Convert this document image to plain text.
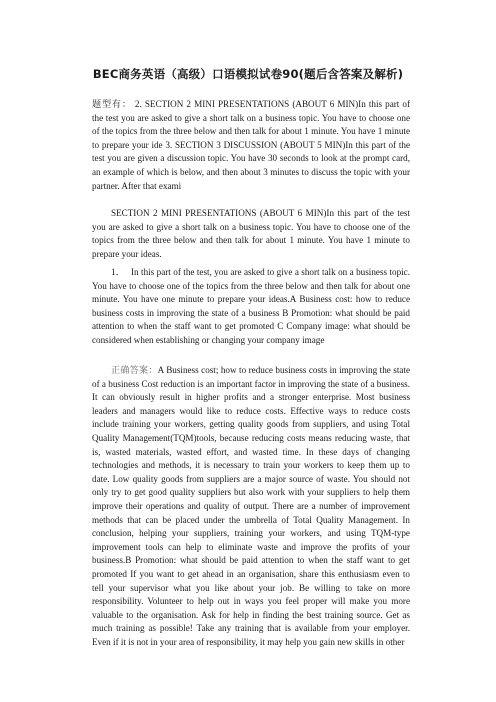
BEC商务英语（高级）口语模拟试卷90(题后含答案及解析)
题型有： 2. SECTION 2 MINI PRESENTATIONS (ABOUT 6 MIN)In this part of the test you are asked to give a short talk on a business topic. You have to choose one of the topics from the three below and then talk for about 1 minute. You have 1 minute to prepare your ide 3. SECTION 3 DISCUSSION (ABOUT 5 MIN)In this part of the test you are given a discussion topic. You have 30 seconds to look at the prompt card, an example of which is below, and then about 3 minutes to discuss the topic with your partner. After that exami
SECTION 2 MINI PRESENTATIONS (ABOUT 6 MIN)In this part of the test you are asked to give a short talk on a business topic. You have to choose one of the topics from the three below and then talk for about 1 minute. You have 1 minute to prepare your ideas.
1． In this part of the test, you are asked to give a short talk on a business topic. You have to choose one of the topics from the three below and then talk for about one minute. You have one minute to prepare your ideas.A Business cost: how to reduce business costs in improving the state of a business B Promotion: what should be paid attention to when the staff want to get promoted C Company image: what should be considered when establishing or changing your company image
正确答案：A Business cost; how to reduce business costs in improving the state of a business Cost reduction is an important factor in improving the state of a business. It can obviously result in higher profits and a stronger enterprise. Most business leaders and managers would like to reduce costs. Effective ways to reduce costs include training your workers, getting quality goods from suppliers, and using Total Quality Management(TQM)tools, because reducing costs means reducing waste, that is, wasted materials, wasted effort, and wasted time. In these days of changing technologies and methods, it is necessary to train your workers to keep them up to date. Low quality goods from suppliers are a major source of waste. You should not only try to get good quality suppliers but also work with your suppliers to help them improve their operations and quality of output. There are a number of improvement methods that can be placed under the umbrella of Total Quality Management. In conclusion, helping your suppliers, training your workers, and using TQM-type improvement tools can help to eliminate waste and improve the profits of your business.B Promotion: what should be paid attention to when the staff want to get promoted If you want to get ahead in an organisation, share this enthusiasm even to tell your supervisor what you like about your job. Be willing to take on more responsibility. Volunteer to help out in ways you feel proper will make you more valuable to the organisation. Ask for help in finding the best training source. Get as much training as possible! Take any training that is available from your employer. Even if it is not in your area of responsibility, it may help you gain new skills in other
